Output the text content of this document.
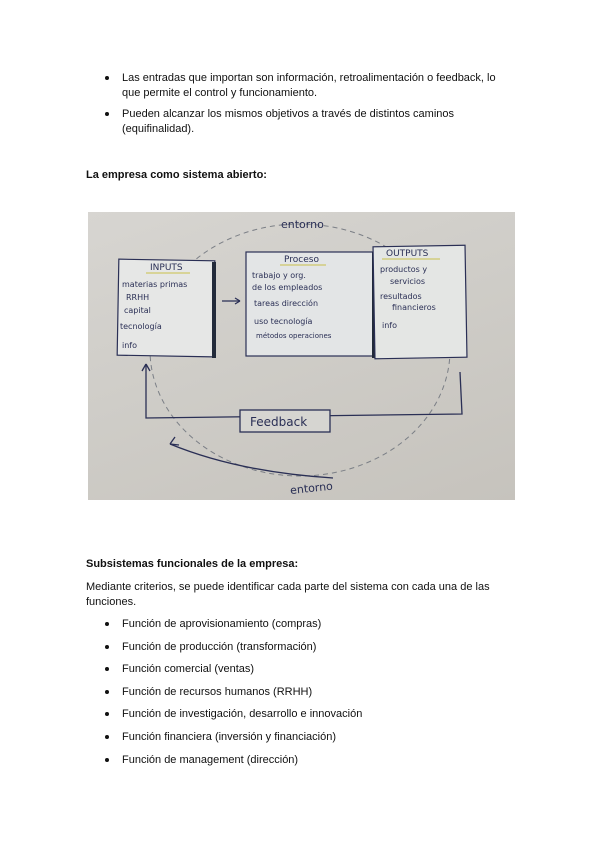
Las entradas que importan son información, retroalimentación o feedback, lo que permite el control y funcionamiento.
Pueden alcanzar los mismos objetivos a través de distintos caminos (equifinalidad).

La empresa como sistema abierto:

entorno
entorno
INPUTS
materias primas
RRHH
capital
tecnología
info
Proceso
trabajo y org.
de los empleados
tareas dirección
uso tecnología
métodos operaciones
OUTPUTS
productos y
servicios
resultados
financieros
info
Feedback

Subsistemas funcionales de la empresa:

Mediante criterios, se puede identificar cada parte del sistema con cada una de las funciones.

Función de aprovisionamiento (compras)
Función de producción (transformación)
Función comercial (ventas)
Función de recursos humanos (RRHH)
Función de investigación, desarrollo e innovación
Función financiera (inversión y financiación)
Función de management (dirección)
